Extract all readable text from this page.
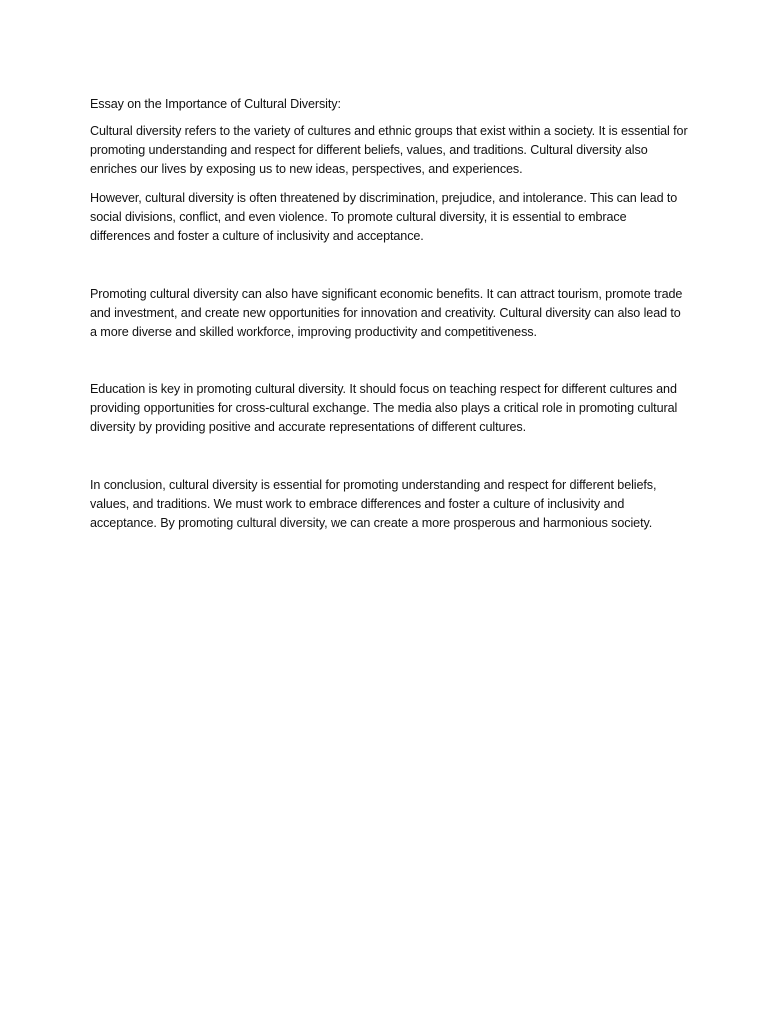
Essay on the Importance of Cultural Diversity:

Cultural diversity refers to the variety of cultures and ethnic groups that exist within a society. It is essential for promoting understanding and respect for different beliefs, values, and traditions. Cultural diversity also enriches our lives by exposing us to new ideas, perspectives, and experiences.

However, cultural diversity is often threatened by discrimination, prejudice, and intolerance. This can lead to social divisions, conflict, and even violence. To promote cultural diversity, it is essential to embrace differences and foster a culture of inclusivity and acceptance.

Promoting cultural diversity can also have significant economic benefits. It can attract tourism, promote trade and investment, and create new opportunities for innovation and creativity. Cultural diversity can also lead to a more diverse and skilled workforce, improving productivity and competitiveness.

Education is key in promoting cultural diversity. It should focus on teaching respect for different cultures and providing opportunities for cross-cultural exchange. The media also plays a critical role in promoting cultural diversity by providing positive and accurate representations of different cultures.

In conclusion, cultural diversity is essential for promoting understanding and respect for different beliefs, values, and traditions. We must work to embrace differences and foster a culture of inclusivity and acceptance. By promoting cultural diversity, we can create a more prosperous and harmonious society.
